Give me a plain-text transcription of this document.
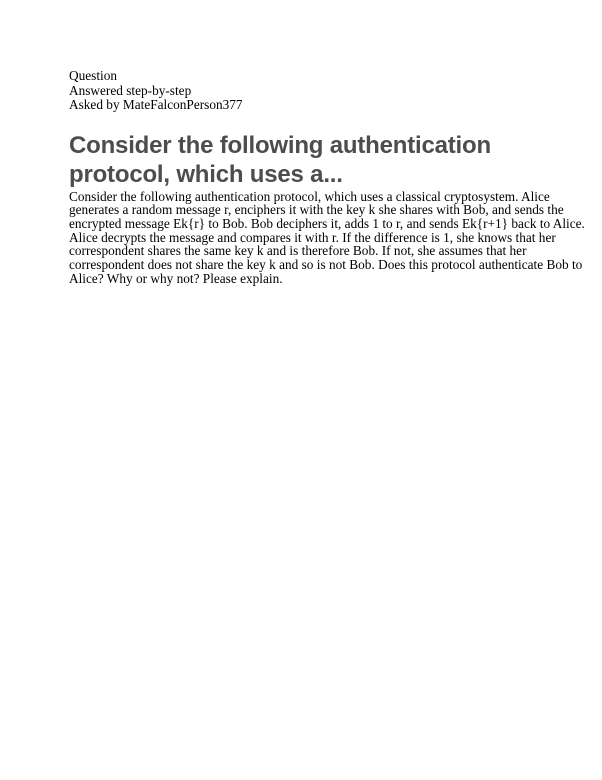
Question
Answered step-by-step
Asked by MateFalconPerson377
Consider the following authentication protocol, which uses a...
Consider the following authentication protocol, which uses a classical cryptosystem. Alice
generates a random message r, enciphers it with the key k she shares with Bob, and sends the
encrypted message Ek{r} to Bob. Bob deciphers it, adds 1 to r, and sends Ek{r+1} back to Alice.
Alice decrypts the message and compares it with r. If the difference is 1, she knows that her
correspondent shares the same key k and is therefore Bob. If not, she assumes that her
correspondent does not share the key k and so is not Bob. Does this protocol authenticate Bob to
Alice? Why or why not? Please explain.
